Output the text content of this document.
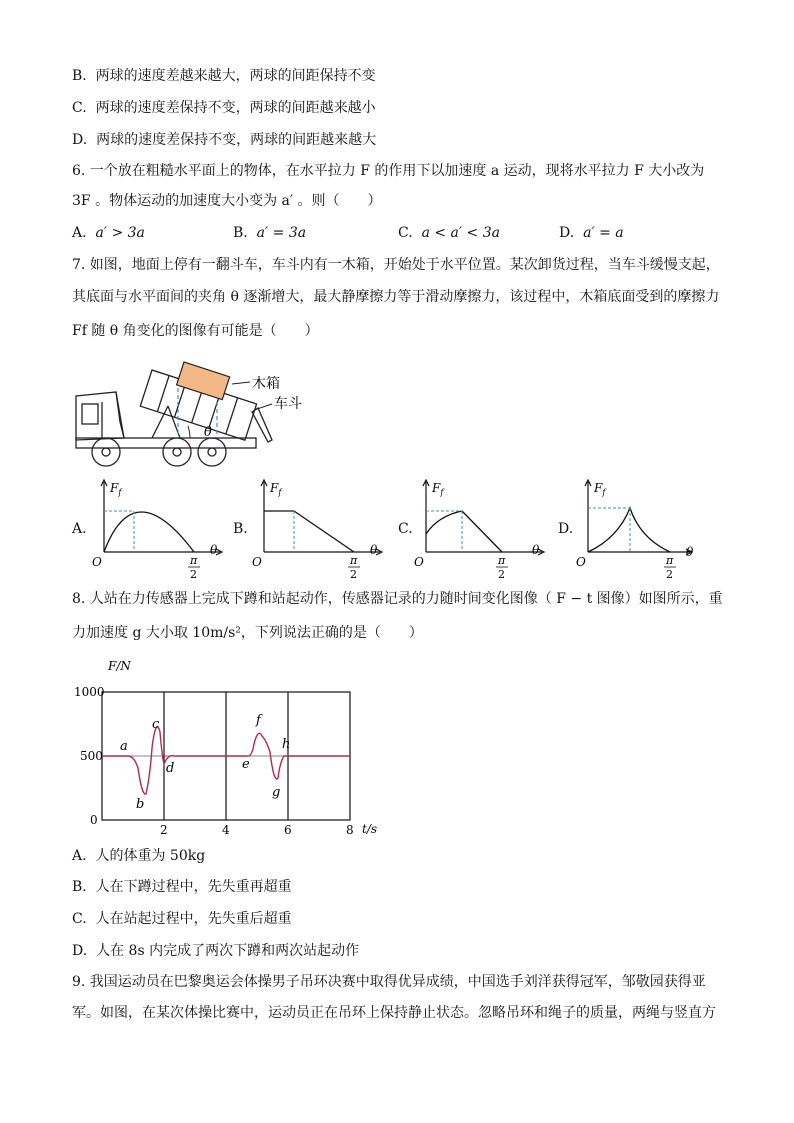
B. 两球的速度差越来越大，两球的间距保持不变
C. 两球的速度差保持不变，两球的间距越来越小
D. 两球的速度差保持不变，两球的间距越来越大
6. 一个放在粗糙水平面上的物体，在水平拉力 F 的作用下以加速度 a 运动，现将水平拉力 F 大小改为
3F 。物体运动的加速度大小变为 a′ 。则（　　）
A. a′ > 3a	B. a′ = 3a	C. a < a′ < 3a	D. a′ = a
7. 如图，地面上停有一翻斗车，车斗内有一木箱，开始处于水平位置。某次卸货过程，当车斗缓慢支起，
其底面与水平面间的夹角 θ 逐渐增大，最大静摩擦力等于滑动摩擦力，该过程中，木箱底面受到的摩擦力
Ff 随 θ 角变化的图像有可能是（　　）
θ
木箱
车斗
A.	B.	C.	D.
$F_f$
O
θ
π
2
$F_f$
O
θ
π
2
$F_f$
O
θ
π
2
$F_f$
O
θ
π
2
8. 人站在力传感器上完成下蹲和站起动作，传感器记录的力随时间变化图像（ F − t 图像）如图所示，重
力加速度 g 大小取 10m/s²，下列说法正确的是（　　）
F/N
t/s
1000
500
0
2	4	6	8
a
b
c
d	e
f
g
h
A. 人的体重为 50kg
B. 人在下蹲过程中，先失重再超重
C. 人在站起过程中，先失重后超重
D. 人在 8s 内完成了两次下蹲和两次站起动作
9. 我国运动员在巴黎奥运会体操男子吊环决赛中取得优异成绩，中国选手刘洋获得冠军，邹敬园获得亚
军。如图，在某次体操比赛中，运动员正在吊环上保持静止状态。忽略吊环和绳子的质量，两绳与竖直方
